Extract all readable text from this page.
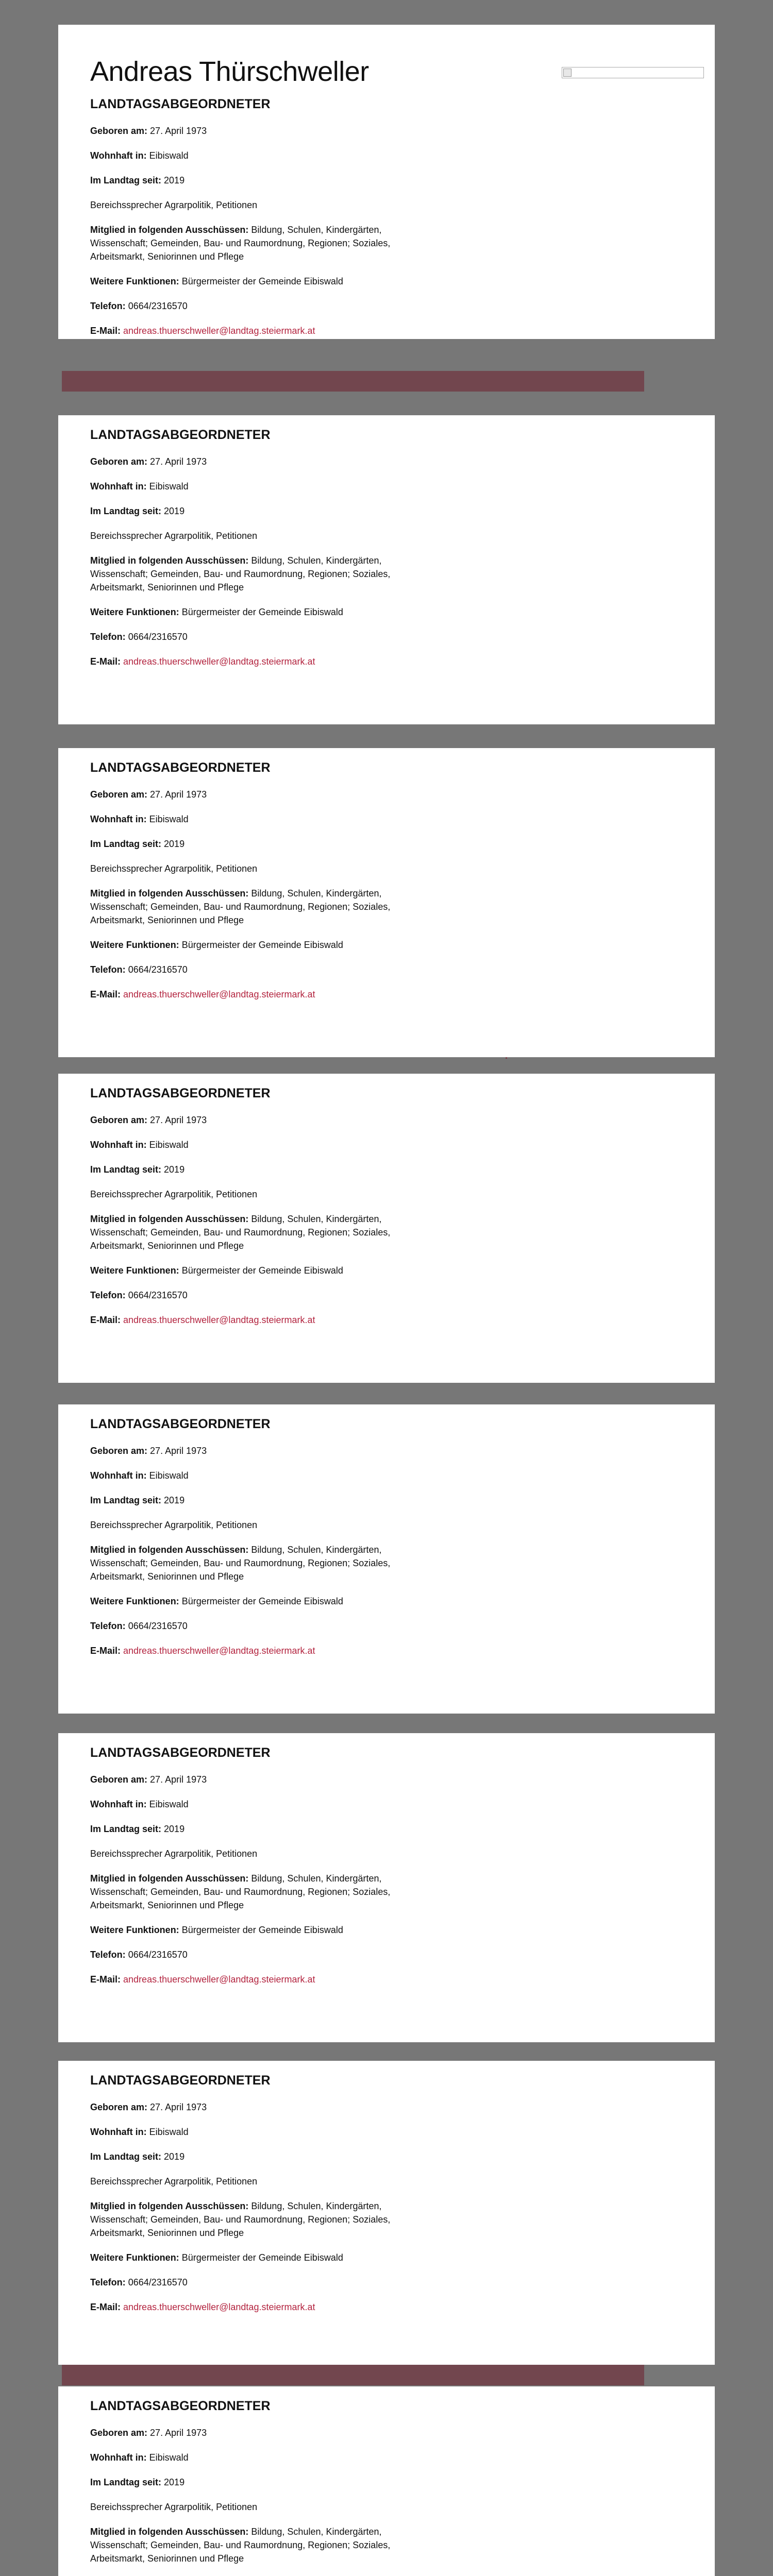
Andreas Thürschweller
LANDTAGSABGEORDNETER

Geboren am: 27. April 1973

Wohnhaft in: Eibiswald

Im Landtag seit: 2019

Bereichssprecher Agrarpolitik, Petitionen

Mitglied in folgenden Ausschüssen: Bildung, Schulen, Kindergärten, Wissenschaft; Gemeinden, Bau- und Raumordnung, Regionen; Soziales, Arbeitsmarkt, Seniorinnen und Pflege

Weitere Funktionen: Bürgermeister der Gemeinde Eibiswald

Telefon: 0664/2316570

E-Mail: andreas.thuerschweller@landtag.steiermark.at

LANDTAGSABGEORDNETER

Geboren am: 27. April 1973

Wohnhaft in: Eibiswald

Im Landtag seit: 2019

Bereichssprecher Agrarpolitik, Petitionen

Mitglied in folgenden Ausschüssen: Bildung, Schulen, Kindergärten, Wissenschaft; Gemeinden, Bau- und Raumordnung, Regionen; Soziales, Arbeitsmarkt, Seniorinnen und Pflege

Weitere Funktionen: Bürgermeister der Gemeinde Eibiswald

Telefon: 0664/2316570

E-Mail: andreas.thuerschweller@landtag.steiermark.at

LANDTAGSABGEORDNETER

Geboren am: 27. April 1973

Wohnhaft in: Eibiswald

Im Landtag seit: 2019

Bereichssprecher Agrarpolitik, Petitionen

Mitglied in folgenden Ausschüssen: Bildung, Schulen, Kindergärten, Wissenschaft; Gemeinden, Bau- und Raumordnung, Regionen; Soziales, Arbeitsmarkt, Seniorinnen und Pflege

Weitere Funktionen: Bürgermeister der Gemeinde Eibiswald

Telefon: 0664/2316570

E-Mail: andreas.thuerschweller@landtag.steiermark.at

LANDTAGSABGEORDNETER

Geboren am: 27. April 1973

Wohnhaft in: Eibiswald

Im Landtag seit: 2019

Bereichssprecher Agrarpolitik, Petitionen

Mitglied in folgenden Ausschüssen: Bildung, Schulen, Kindergärten, Wissenschaft; Gemeinden, Bau- und Raumordnung, Regionen; Soziales, Arbeitsmarkt, Seniorinnen und Pflege

Weitere Funktionen: Bürgermeister der Gemeinde Eibiswald

Telefon: 0664/2316570

E-Mail: andreas.thuerschweller@landtag.steiermark.at

LANDTAGSABGEORDNETER

Geboren am: 27. April 1973

Wohnhaft in: Eibiswald

Im Landtag seit: 2019

Bereichssprecher Agrarpolitik, Petitionen

Mitglied in folgenden Ausschüssen: Bildung, Schulen, Kindergärten, Wissenschaft; Gemeinden, Bau- und Raumordnung, Regionen; Soziales, Arbeitsmarkt, Seniorinnen und Pflege

Weitere Funktionen: Bürgermeister der Gemeinde Eibiswald

Telefon: 0664/2316570

E-Mail: andreas.thuerschweller@landtag.steiermark.at

LANDTAGSABGEORDNETER

Geboren am: 27. April 1973

Wohnhaft in: Eibiswald

Im Landtag seit: 2019

Bereichssprecher Agrarpolitik, Petitionen

Mitglied in folgenden Ausschüssen: Bildung, Schulen, Kindergärten, Wissenschaft; Gemeinden, Bau- und Raumordnung, Regionen; Soziales, Arbeitsmarkt, Seniorinnen und Pflege

Weitere Funktionen: Bürgermeister der Gemeinde Eibiswald

Telefon: 0664/2316570

E-Mail: andreas.thuerschweller@landtag.steiermark.at

LANDTAGSABGEORDNETER

Geboren am: 27. April 1973

Wohnhaft in: Eibiswald

Im Landtag seit: 2019

Bereichssprecher Agrarpolitik, Petitionen

Mitglied in folgenden Ausschüssen: Bildung, Schulen, Kindergärten, Wissenschaft; Gemeinden, Bau- und Raumordnung, Regionen; Soziales, Arbeitsmarkt, Seniorinnen und Pflege

Weitere Funktionen: Bürgermeister der Gemeinde Eibiswald

Telefon: 0664/2316570

E-Mail: andreas.thuerschweller@landtag.steiermark.at

LANDTAGSABGEORDNETER

Geboren am: 27. April 1973

Wohnhaft in: Eibiswald

Im Landtag seit: 2019

Bereichssprecher Agrarpolitik, Petitionen

Mitglied in folgenden Ausschüssen: Bildung, Schulen, Kindergärten, Wissenschaft; Gemeinden, Bau- und Raumordnung, Regionen; Soziales, Arbeitsmarkt, Seniorinnen und Pflege
